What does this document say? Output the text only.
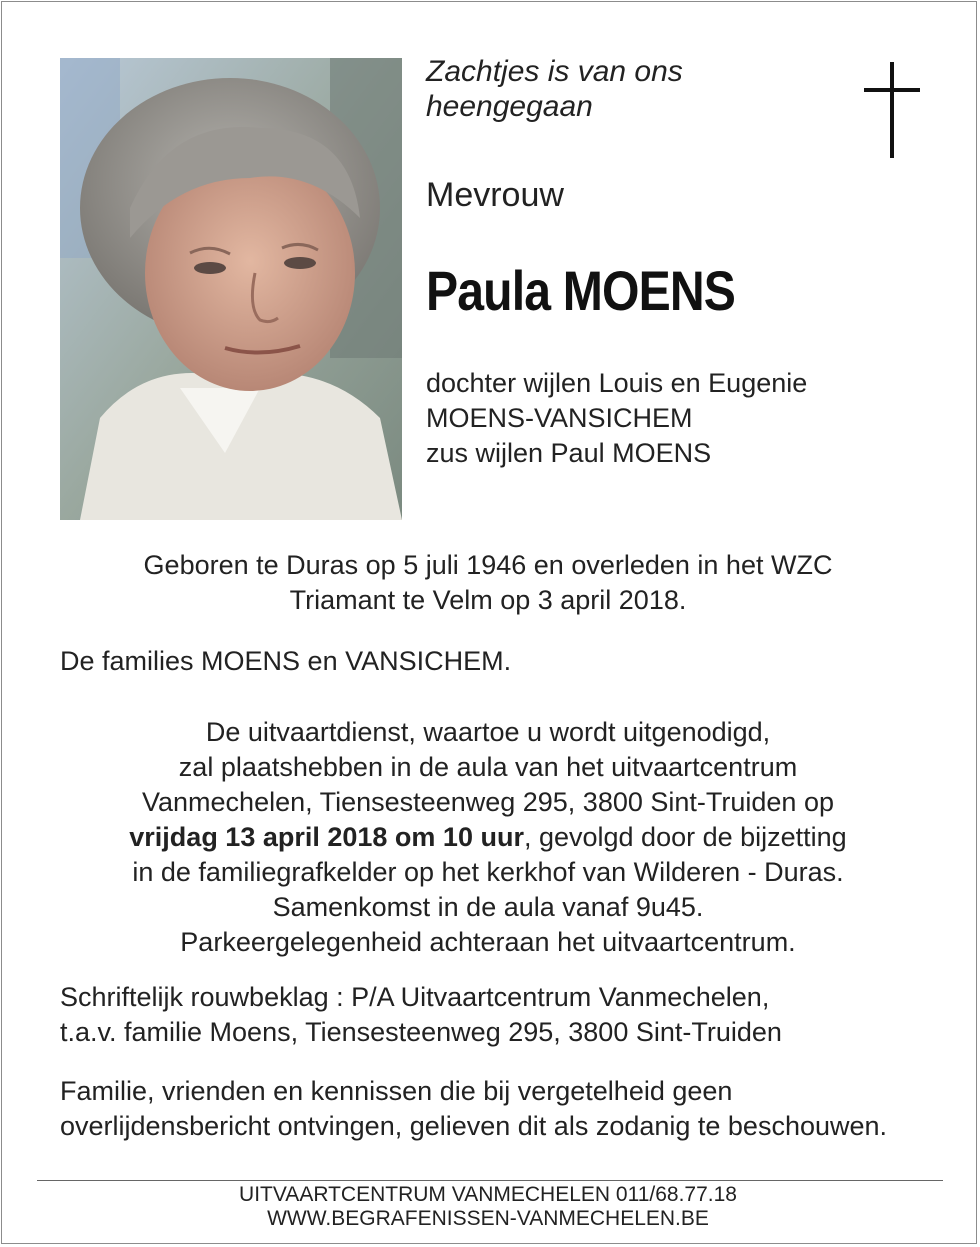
Zachtjes is van ons
heengegaan
Mevrouw
Paula MOENS
dochter wijlen Louis en Eugenie
MOENS-VANSICHEM
zus wijlen Paul MOENS
Geboren te Duras op 5 juli 1946 en overleden in het WZC
Triamant te Velm op 3 april 2018.
De families MOENS en VANSICHEM.
De uitvaartdienst, waartoe u wordt uitgenodigd,
zal plaatshebben in de aula van het uitvaartcentrum
Vanmechelen, Tiensesteenweg 295, 3800 Sint-Truiden op
vrijdag 13 april 2018 om 10 uur, gevolgd door de bijzetting
in de familiegrafkelder op het kerkhof van Wilderen - Duras.
Samenkomst in de aula vanaf 9u45.
Parkeergelegenheid achteraan het uitvaartcentrum.
Schriftelijk rouwbeklag : P/A Uitvaartcentrum Vanmechelen,
t.a.v. familie Moens, Tiensesteenweg 295, 3800 Sint-Truiden
Familie, vrienden en kennissen die bij vergetelheid geen overlijdensbericht ontvingen, gelieven dit als zodanig te beschouwen.
UITVAARTCENTRUM VANMECHELEN 011/68.77.18
WWW.BEGRAFENISSEN-VANMECHELEN.BE
